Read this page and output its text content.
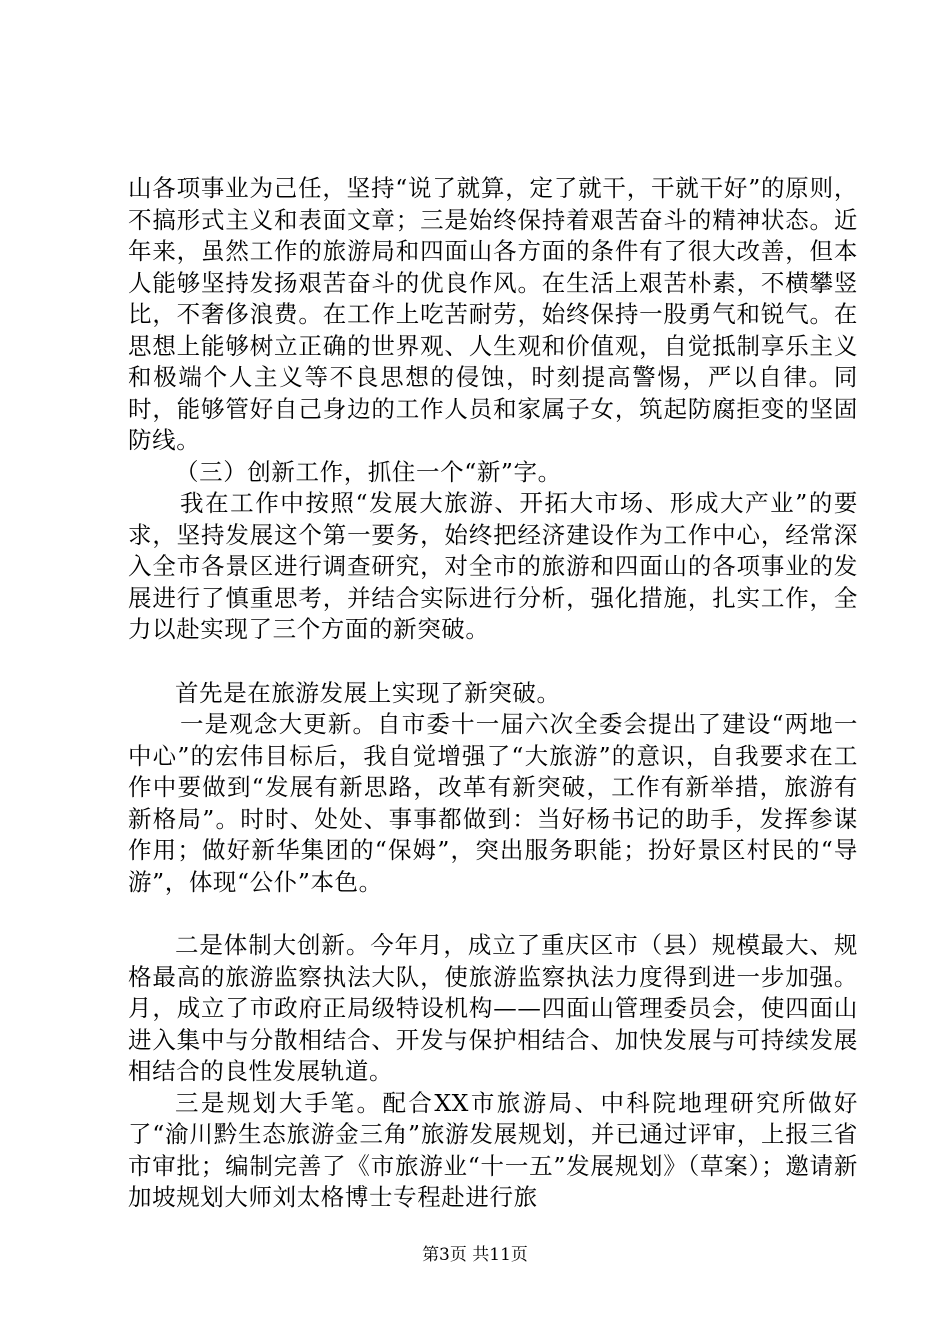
山各项事业为己任，坚持“说了就算，定了就干，干就干好”的原则，不搞形式主义和表面文章；三是始终保持着艰苦奋斗的精神状态。近年来，虽然工作的旅游局和四面山各方面的条件有了很大改善，但本人能够坚持发扬艰苦奋斗的优良作风。在生活上艰苦朴素，不横攀竖比，不奢侈浪费。在工作上吃苦耐劳，始终保持一股勇气和锐气。在思想上能够树立正确的世界观、人生观和价值观，自觉抵制享乐主义和极端个人主义等不良思想的侵蚀，时刻提高警惕，严以自律。同时，能够管好自己身边的工作人员和家属子女，筑起防腐拒变的坚固防线。

（三）创新工作，抓住一个“新”字。

我在工作中按照“发展大旅游、开拓大市场、形成大产业”的要求，坚持发展这个第一要务，始终把经济建设作为工作中心，经常深入全市各景区进行调查研究，对全市的旅游和四面山的各项事业的发展进行了慎重思考，并结合实际进行分析，强化措施，扎实工作，全力以赴实现了三个方面的新突破。

首先是在旅游发展上实现了新突破。

一是观念大更新。自市委十一届六次全委会提出了建设“两地一中心”的宏伟目标后，我自觉增强了“大旅游”的意识，自我要求在工作中要做到“发展有新思路，改革有新突破，工作有新举措，旅游有新格局”。时时、处处、事事都做到：当好杨书记的助手，发挥参谋作用；做好新华集团的“保姆”，突出服务职能；扮好景区村民的“导游”，体现“公仆”本色。

二是体制大创新。今年月，成立了重庆区市（县）规模最大、规格最高的旅游监察执法大队，使旅游监察执法力度得到进一步加强。月，成立了市政府正局级特设机构——四面山管理委员会，使四面山进入集中与分散相结合、开发与保护相结合、加快发展与可持续发展相结合的良性发展轨道。

三是规划大手笔。配合XX市旅游局、中科院地理研究所做好了“渝川黔生态旅游金三角”旅游发展规划，并已通过评审，上报三省市审批；编制完善了《市旅游业“十一五”发展规划》（草案）；邀请新加坡规划大师刘太格博士专程赴进行旅

第3页 共11页
